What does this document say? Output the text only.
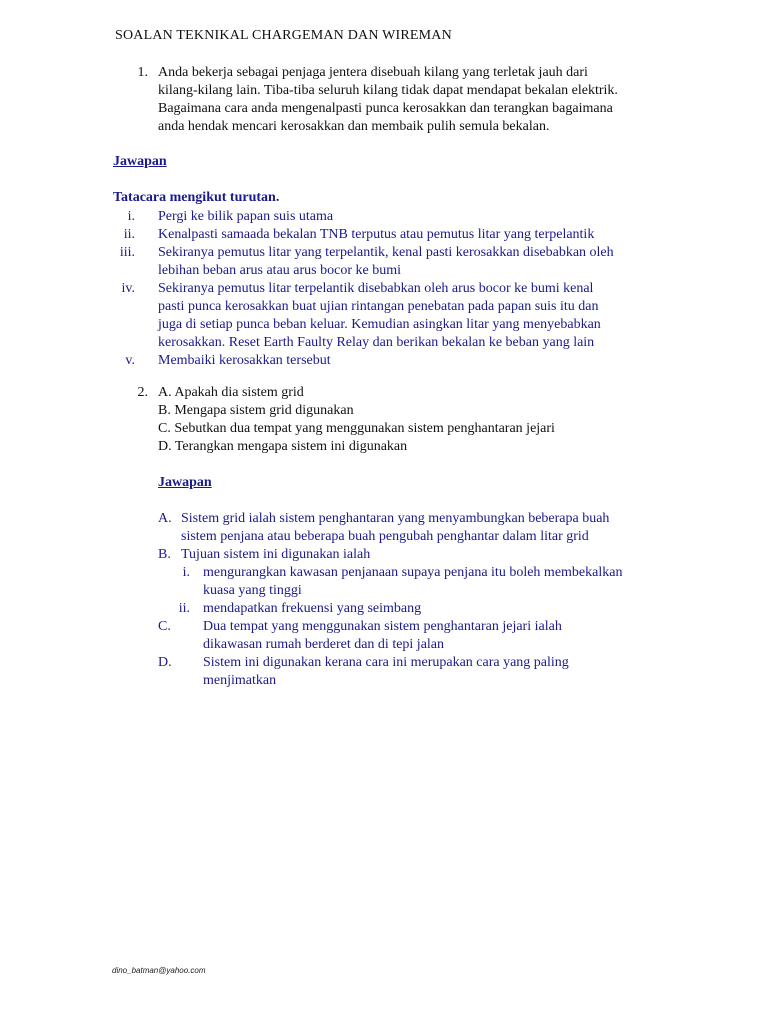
SOALAN TEKNIKAL CHARGEMAN DAN WIREMAN
1. Anda bekerja sebagai penjaga jentera disebuah kilang yang terletak jauh dari
kilang-kilang lain. Tiba-tiba seluruh kilang tidak dapat mendapat bekalan elektrik.
Bagaimana cara anda mengenalpasti punca kerosakkan dan terangkan bagaimana
anda hendak mencari kerosakkan dan membaik pulih semula bekalan.
Jawapan
Tatacara mengikut turutan.
i. Pergi ke bilik papan suis utama
ii. Kenalpasti samaada bekalan TNB terputus atau pemutus litar yang terpelantik
iii. Sekiranya pemutus litar yang terpelantik, kenal pasti kerosakkan disebabkan oleh
lebihan beban arus atau arus bocor ke bumi
iv. Sekiranya pemutus litar terpelantik disebabkan oleh arus bocor ke bumi kenal
pasti punca kerosakkan buat ujian rintangan penebatan pada papan suis itu dan
juga di setiap punca beban keluar. Kemudian asingkan litar yang menyebabkan
kerosakkan. Reset Earth Faulty Relay dan berikan bekalan ke beban yang lain
v. Membaiki kerosakkan tersebut
2. A. Apakah dia sistem grid
B. Mengapa sistem grid digunakan
C. Sebutkan dua tempat yang menggunakan sistem penghantaran jejari
D. Terangkan mengapa sistem ini digunakan
Jawapan
A. Sistem grid ialah sistem penghantaran yang menyambungkan beberapa buah
sistem penjana atau beberapa buah pengubah penghantar dalam litar grid
B. Tujuan sistem ini digunakan ialah
i. mengurangkan kawasan penjanaan supaya penjana itu boleh membekalkan
kuasa yang tinggi
ii. mendapatkan frekuensi yang seimbang
C. Dua tempat yang menggunakan sistem penghantaran jejari ialah
dikawasan rumah berderet dan di tepi jalan
D. Sistem ini digunakan kerana cara ini merupakan cara yang paling
menjimatkan
dino_batman@yahoo.com
